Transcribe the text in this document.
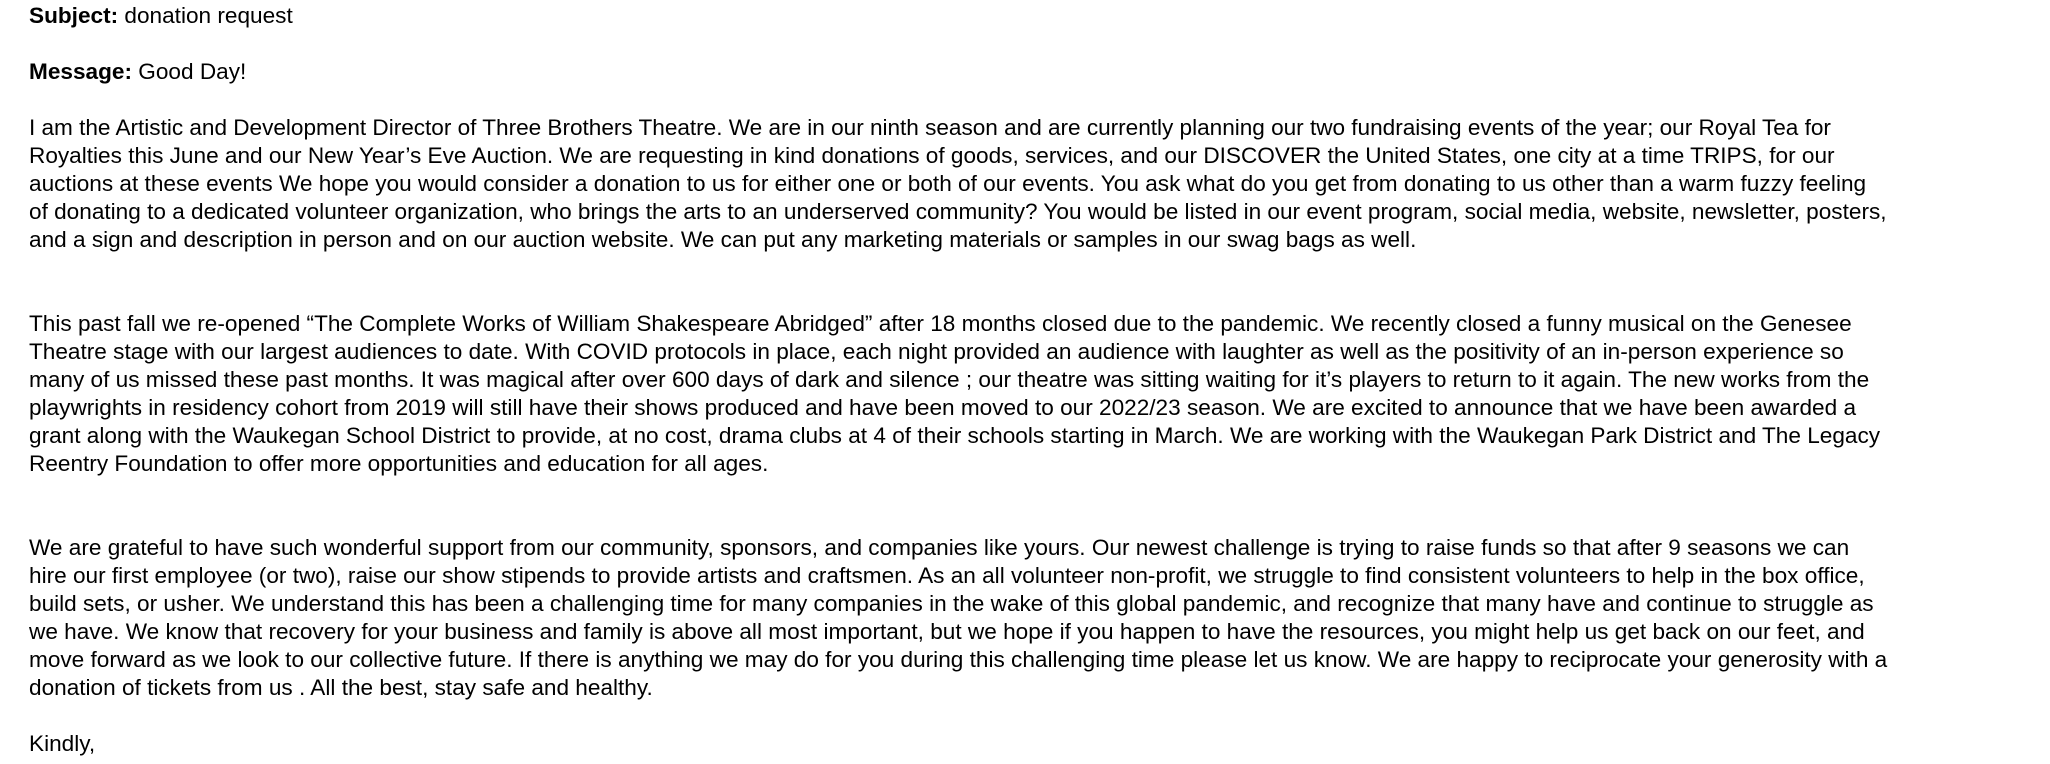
Subject: donation request

Message: Good Day!

I am the Artistic and Development Director of Three Brothers Theatre. We are in our ninth season and are currently planning our two fundraising events of the year; our Royal Tea for

Royalties this June and our New Year’s Eve Auction. We are requesting in kind donations of goods, services, and our DISCOVER the United States, one city at a time TRIPS, for our

auctions at these events We hope you would consider a donation to us for either one or both of our events. You ask what do you get from donating to us other than a warm fuzzy feeling

of donating to a dedicated volunteer organization, who brings the arts to an underserved community? You would be listed in our event program, social media, website, newsletter, posters,

and a sign and description in person and on our auction website. We can put any marketing materials or samples in our swag bags as well.

This past fall we re-opened “The Complete Works of William Shakespeare Abridged” after 18 months closed due to the pandemic. We recently closed a funny musical on the Genesee

Theatre stage with our largest audiences to date. With COVID protocols in place, each night provided an audience with laughter as well as the positivity of an in-person experience so

many of us missed these past months. It was magical after over 600 days of dark and silence ; our theatre was sitting waiting for it’s players to return to it again. The new works from the

playwrights in residency cohort from 2019 will still have their shows produced and have been moved to our 2022/23 season. We are excited to announce that we have been awarded a

grant along with the Waukegan School District to provide, at no cost, drama clubs at 4 of their schools starting in March. We are working with the Waukegan Park District and The Legacy

Reentry Foundation to offer more opportunities and education for all ages.

We are grateful to have such wonderful support from our community, sponsors, and companies like yours. Our newest challenge is trying to raise funds so that after 9 seasons we can

hire our first employee (or two), raise our show stipends to provide artists and craftsmen. As an all volunteer non-profit, we struggle to find consistent volunteers to help in the box office,

build sets, or usher. We understand this has been a challenging time for many companies in the wake of this global pandemic, and recognize that many have and continue to struggle as

we have. We know that recovery for your business and family is above all most important, but we hope if you happen to have the resources, you might help us get back on our feet, and

move forward as we look to our collective future. If there is anything we may do for you during this challenging time please let us know. We are happy to reciprocate your generosity with a

donation of tickets from us . All the best, stay safe and healthy.

Kindly,
